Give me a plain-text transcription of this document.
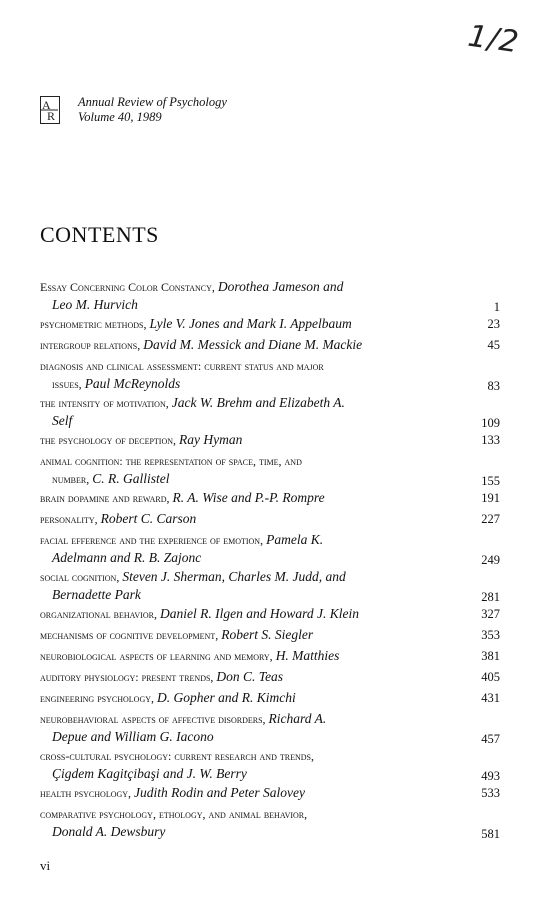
1/2
A
R
Annual Review of Psychology
Volume 40, 1989
CONTENTS
Essay Concerning Color Constancy, Dorothea Jameson and
Leo M. Hurvich	1
psychometric methods, Lyle V. Jones and Mark I. Appelbaum	23
intergroup relations, David M. Messick and Diane M. Mackie	45
diagnosis and clinical assessment: current status and major
issues, Paul McReynolds	83
the intensity of motivation, Jack W. Brehm and Elizabeth A.
Self	109
the psychology of deception, Ray Hyman	133
animal cognition: the representation of space, time, and
number, C. R. Gallistel	155
brain dopamine and reward, R. A. Wise and P.-P. Rompre	191
personality, Robert C. Carson	227
facial efference and the experience of emotion, Pamela K.
Adelmann and R. B. Zajonc	249
social cognition, Steven J. Sherman, Charles M. Judd, and
Bernadette Park	281
organizational behavior, Daniel R. Ilgen and Howard J. Klein	327
mechanisms of cognitive development, Robert S. Siegler	353
neurobiological aspects of learning and memory, H. Matthies	381
auditory physiology: present trends, Don C. Teas	405
engineering psychology, D. Gopher and R. Kimchi	431
neurobehavioral aspects of affective disorders, Richard A.
Depue and William G. Iacono	457
cross-cultural psychology: current research and trends,
Çigdem Kagitçibaşi and J. W. Berry	493
health psychology, Judith Rodin and Peter Salovey	533
comparative psychology, ethology, and animal behavior,
Donald A. Dewsbury	581
vi
